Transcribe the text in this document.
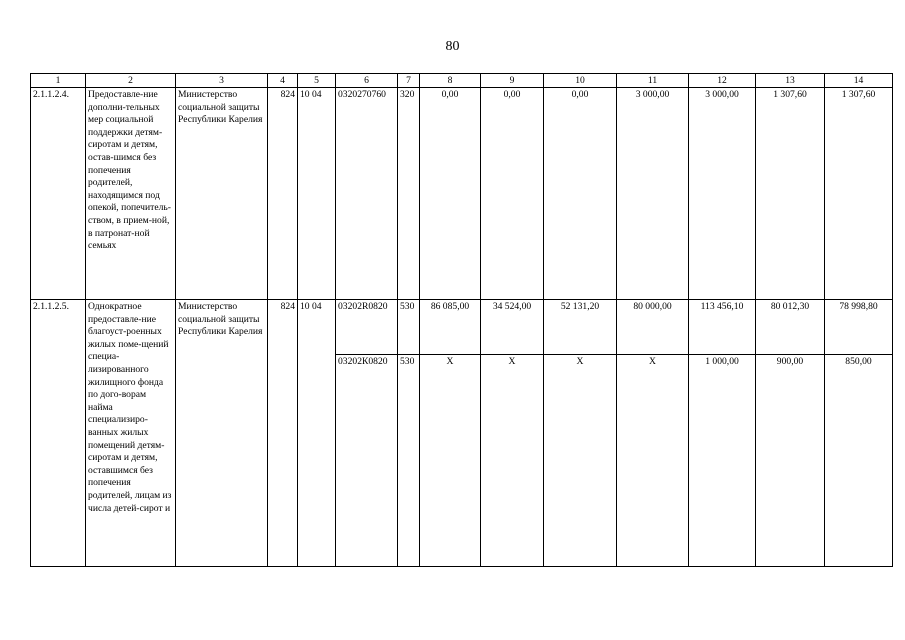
80
1	2	3	4	5	6	7	8	9	10	11	12	13	14
2.1.1.2.4.	Предоставле-ние дополни-тельных мер социальной поддержки детям-сиротам и детям, остав-шимся без попечения родителей, находящимся под опекой, попечитель-ством, в прием-ной, в патронат-ной семьях	Министерство социальной защиты Республики Карелия	824	10 04	0320270760	320	0,00	0,00	0,00	3 000,00	3 000,00	1 307,60	1 307,60
2.1.1.2.5.	Однократное предоставле-ние благоуст-роенных жилых поме-щений специа-лизированного жилищного фонда по дого-ворам найма специализиро-ванных жилых помещений детям-сиротам и детям, оставшимся без попечения родителей, лицам из числа детей-сирот и	Министерство социальной защиты Республики Карелия	824	10 04	03202R0820	530	86 085,00	34 524,00	52 131,20	80 000,00	113 456,10	80 012,30	78 998,80
					03202К0820	530	Х	Х	Х	Х	1 000,00	900,00	850,00
